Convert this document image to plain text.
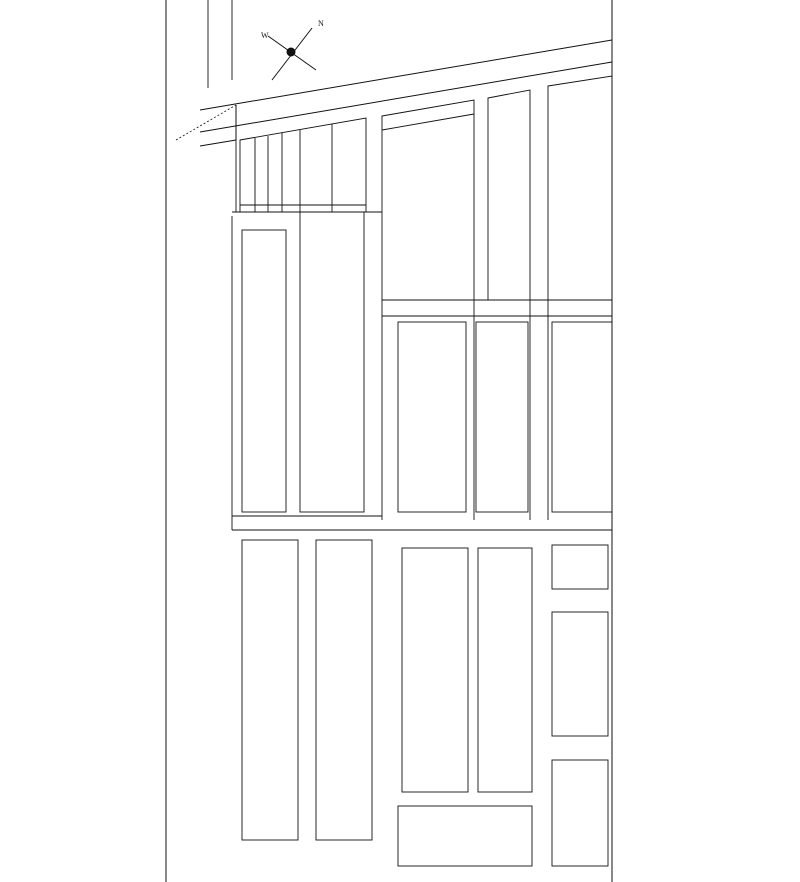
W
N
